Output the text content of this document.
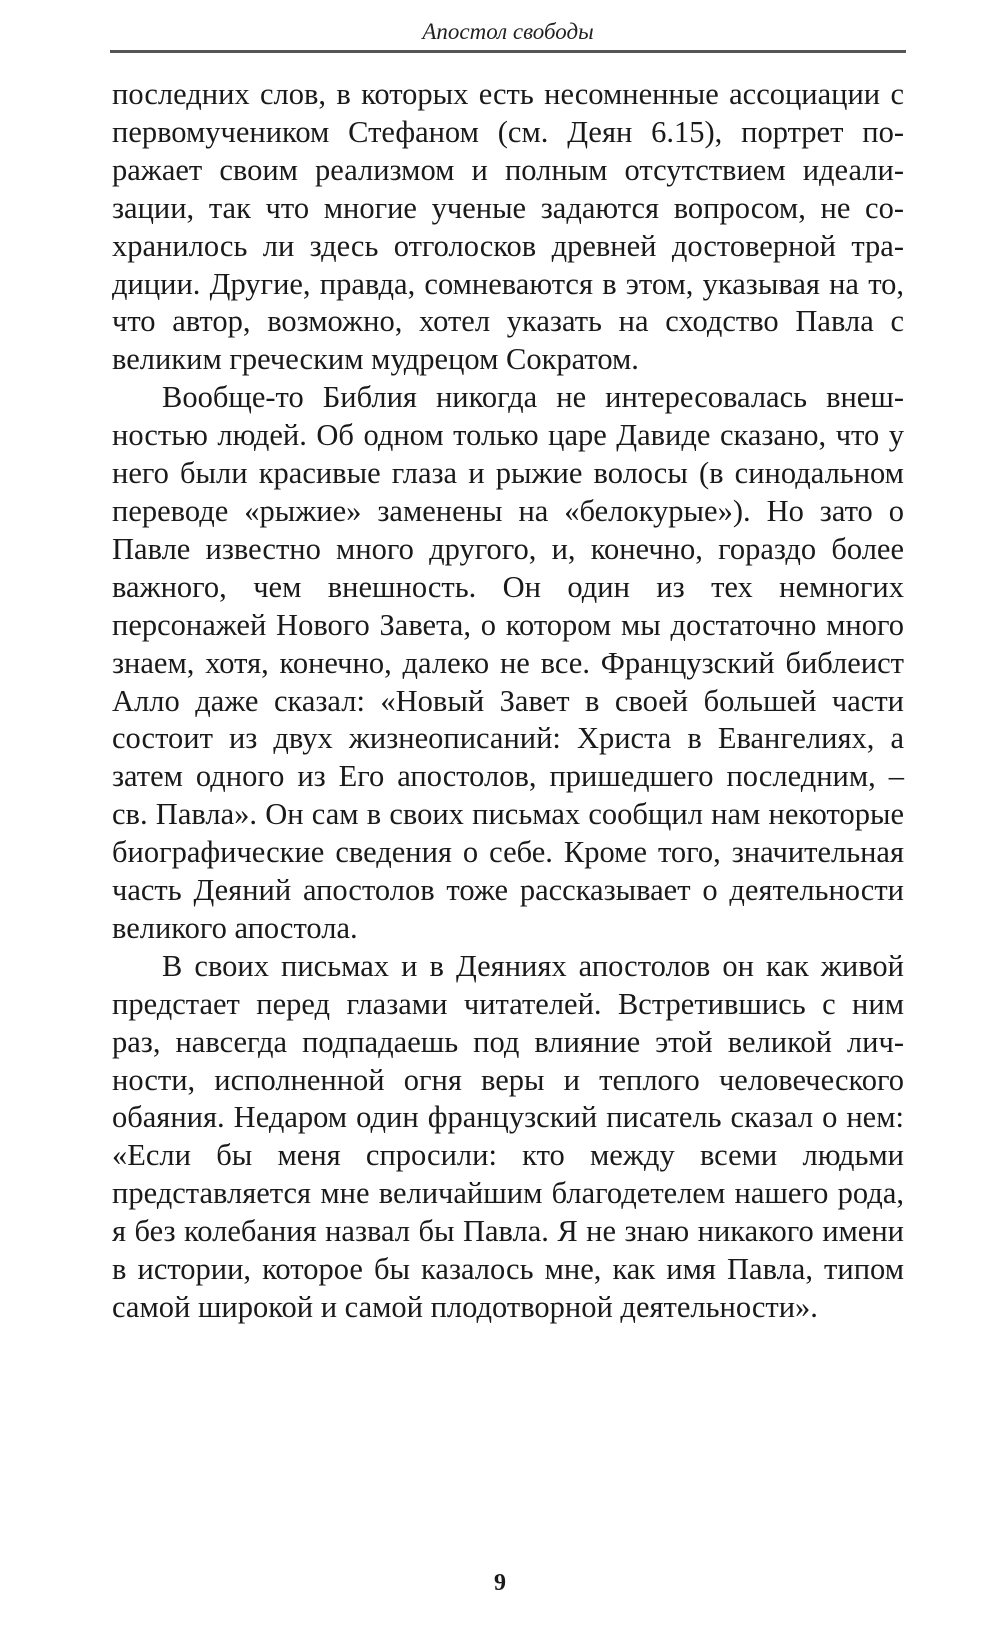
Апостол свободы

последних слов, в которых есть несомненные ассоциации с первомучеником Стефаном (см. Деян 6.15), портрет поражает своим реализмом и полным отсутствием идеализации, так что многие ученые задаются вопросом, не сохранилось ли здесь отголосков древней достоверной традиции. Другие, правда, сомневаются в этом, указывая на то, что автор, возможно, хотел указать на сходство Павла с великим греческим мудрецом Сократом.

Вообще-то Библия никогда не интересовалась внешностью людей. Об одном только царе Давиде сказано, что у него были красивые глаза и рыжие волосы (в синодальном переводе «рыжие» заменены на «белокурые»). Но зато о Павле известно много другого, и, конечно, гораздо более важного, чем внешность. Он один из тех немногих персонажей Нового Завета, о котором мы достаточно много знаем, хотя, конечно, далеко не все. Французский библеист Алло даже сказал: «Новый Завет в своей большей части состоит из двух жизнеописаний: Христа в Евангелиях, а затем одного из Его апостолов, пришедшего последним, – св. Павла». Он сам в своих письмах сообщил нам некоторые биографические сведения о себе. Кроме того, значительная часть Деяний апостолов тоже рассказывает о деятельности великого апостола.

В своих письмах и в Деяниях апостолов он как живой предстает перед глазами читателей. Встретившись с ним раз, навсегда подпадаешь под влияние этой великой личности, исполненной огня веры и теплого человеческого обаяния. Недаром один французский писатель сказал о нем: «Если бы меня спросили: кто между всеми людьми представляется мне величайшим благодетелем нашего рода, я без колебания назвал бы Павла. Я не знаю никакого имени в истории, которое бы казалось мне, как имя Павла, типом самой широкой и самой плодотворной деятельности».

9
